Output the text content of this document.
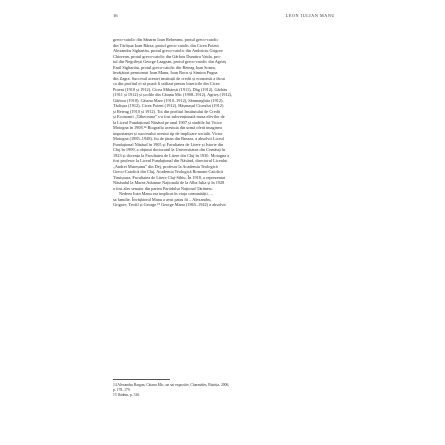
16	LEON IULIAN MANU
greco-catolic din Sânarm Ioan Rebreanu, protul greco-catolic
din Tărlișua Ioan Bârza, protul greco-catolic din Cicea Poieni
Alexandru Sighartău, protul greco-catolic din Ambriciu Grigore
Chiorean, protul greco-catolic din Gârbou Dumitru Vaida, pro-
tul din Negrilești George Lazgean, protul greco-catolic din Agrieș
Emil Sighartău, protul greco-catolic din Reteag Ioan Sonea,
învățători pensionari Ioan Manu, Ioan Bocu și Simion Pugna
din Zagra. Succesul acestei instituții de credit și economii a făcut
ca din profitul ei să poată fi utilizat pentru bisericile din Cicea
Poieni (1910 și 1912), Cicea Mihăești (1911), Dâg (1912), Gârbău
(1911 și 1912) și școlile din Căianu Mic (1908–1912), Agrieș (1912),
Gârbou (1910), Căianu Mare (1910–1912), Sânmarghita (1912),
Tărlișua (1912), Cicea Poieni (1912), Hășmașul Ciceului (1912)
și Reteag (1910 și 1912). Tot din profitul Institutului de Credit
și Economii „Tăbeceana” s-a fost subvenționată masa elevilor de
la Liceul Fundațional Năsăud pe anul 1907 și studiile lui Victor
Motogna în 1908.¹⁴ Biografia acestuia din urmă oferă imaginea
importanței și succesului acestui tip de implicare socială. Victor
Motogna (1885–1948), fiu de țăran din Breaza, a absolvit Liceul
Fundațional Năsăud în 1905 și Facultatea de Litere și Istorie din
Cluj în 1909, a obținut doctoratul la Universitatea din Cernăuți în
1923 și docența la Facultatea de Litere din Cluj în 1930. Motogna a
fost profesor la Liceul Fundațional din Năsăud, directorul Liceului
„Andrei Mureșanu” din Dej, profesor la Academia Teologică
Greco-Catolică din Cluj, Academia Teologică Romano-Catolică
Timișoara, Facultatea de Litere Cluj-Sibiu. În 1918, a reprezentat
Năsăudul la Marea Adunare Națională de la Alba Iulia și în 1928
a fost ales senator din partea Partidului Național Țărănesc.
Nedeea Ioan Manu era implicat în viața comunității, ...
sa familie. Învățătorul Manu a avut patru fii – Alexandru,
Grigore, Teofil și George.¹⁵ George Manu (1865–1942) a absolvit
14 Alexandru Bargan, Căianu Mic, un sat expozitiv, Charmides, Bistrița, 2006,
p. 178–179.
15 Ibidem, p. 316.
